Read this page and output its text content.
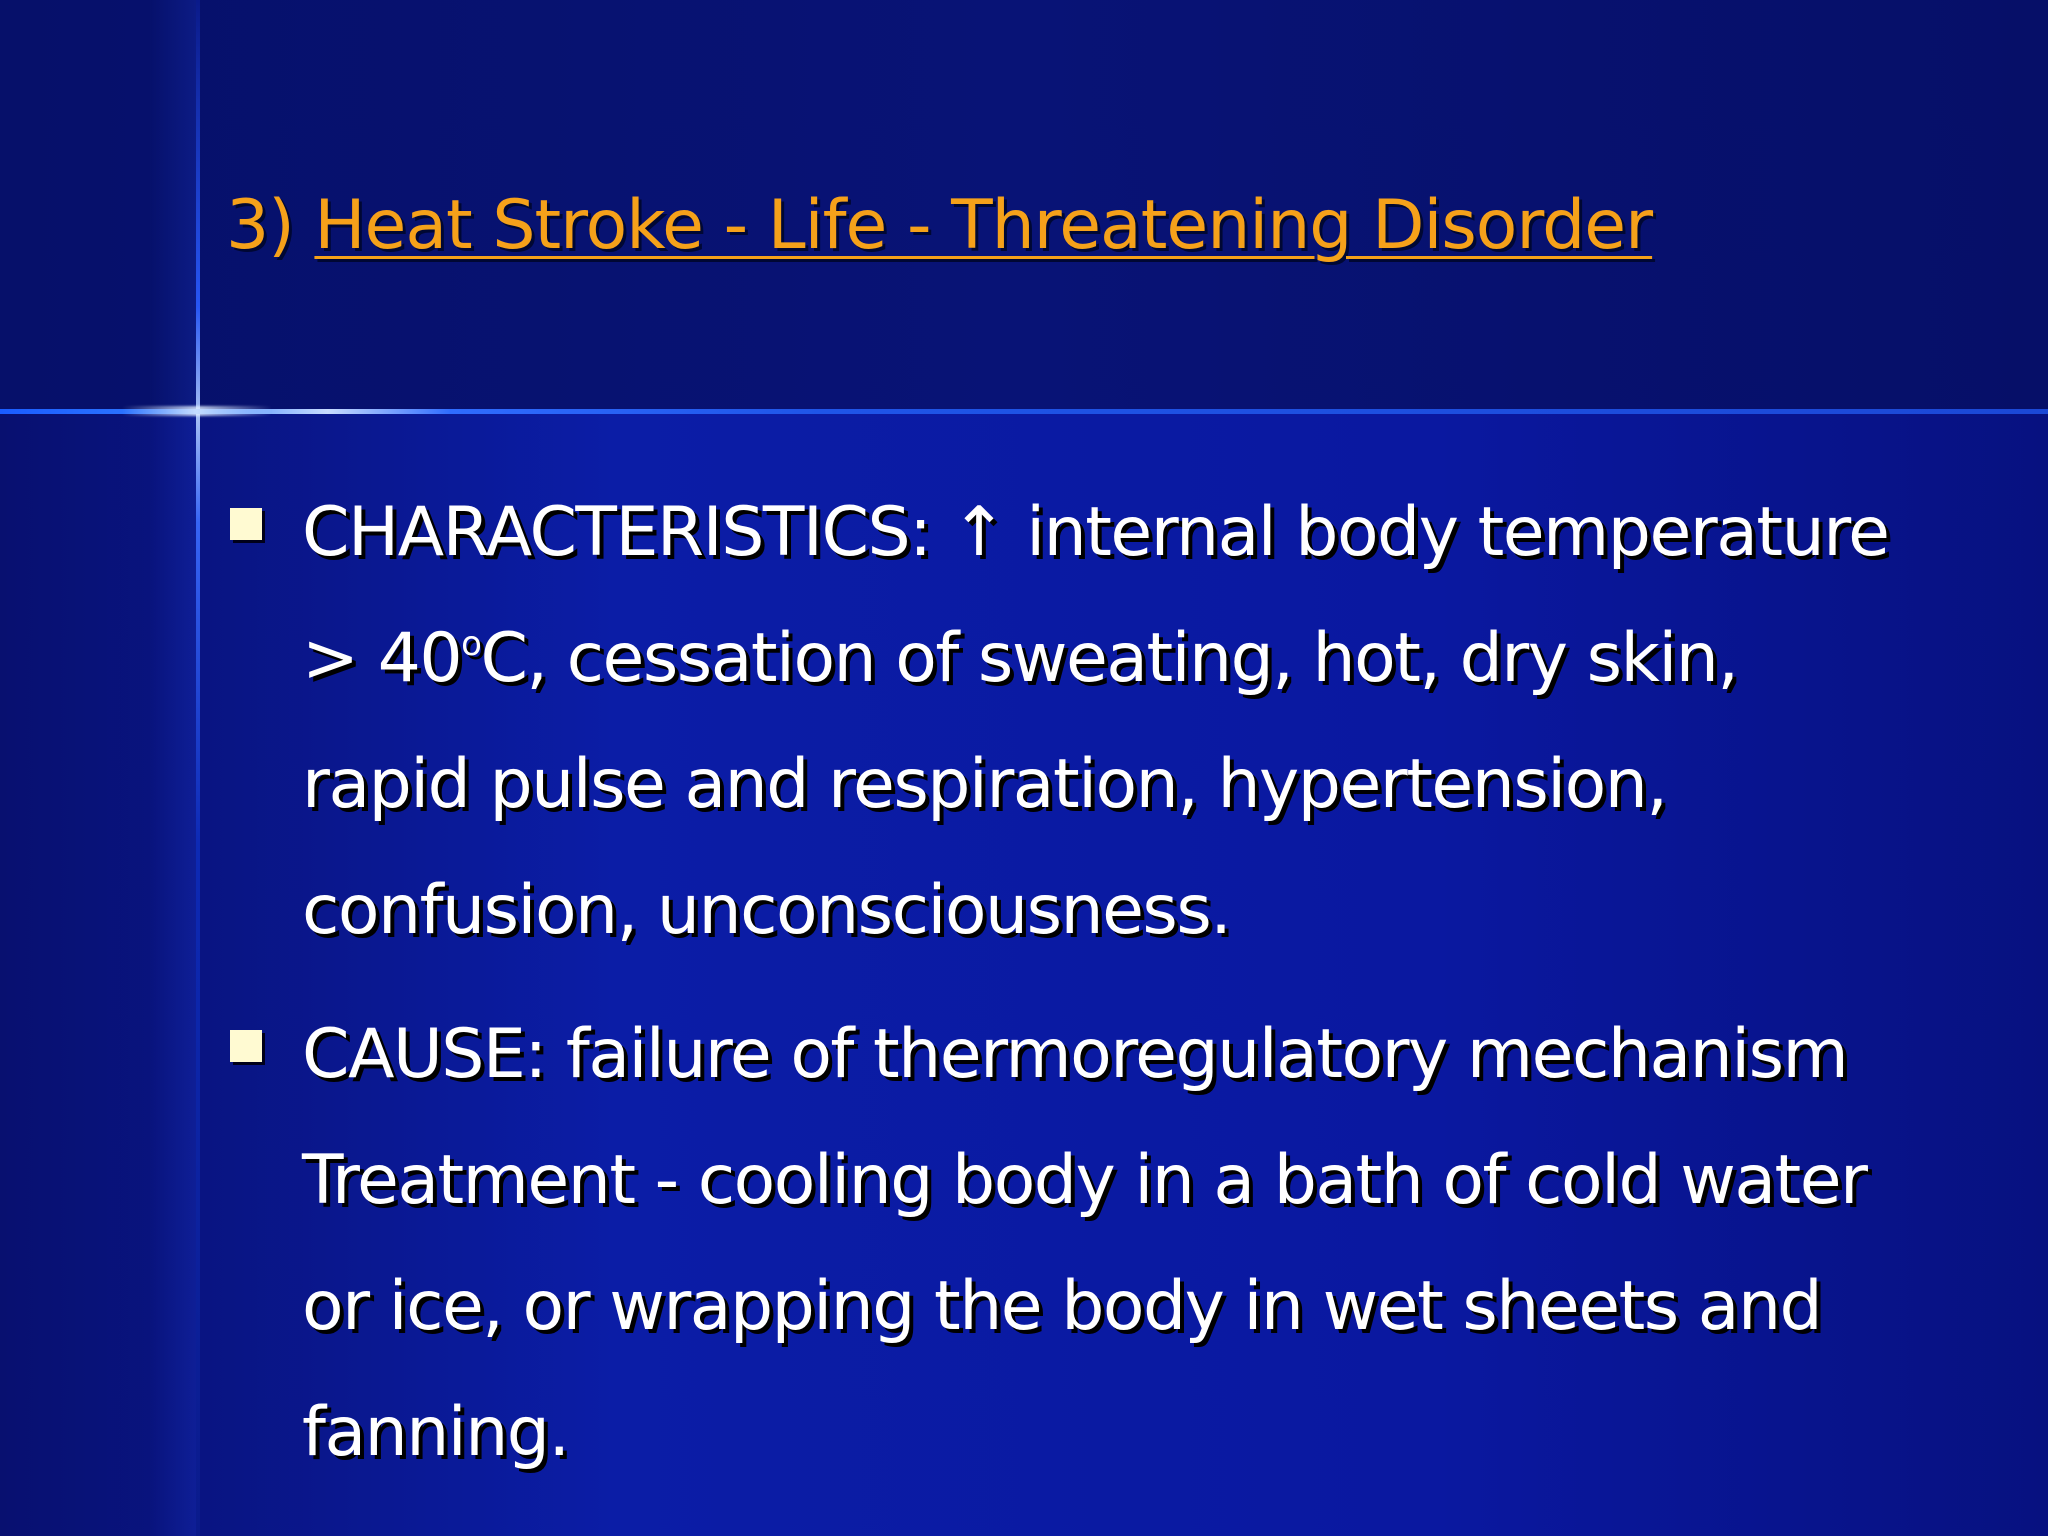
3) Heat Stroke - Life - Threatening Disorder
CHARACTERISTICS: ↑ internal body temperature
> $40^oC$, cessation of sweating, hot, dry skin,
rapid pulse and respiration, hypertension,
confusion, unconsciousness.
CAUSE: failure of thermoregulatory mechanism
Treatment - cooling body in a bath of cold water
or ice, or wrapping the body in wet sheets and
fanning.
